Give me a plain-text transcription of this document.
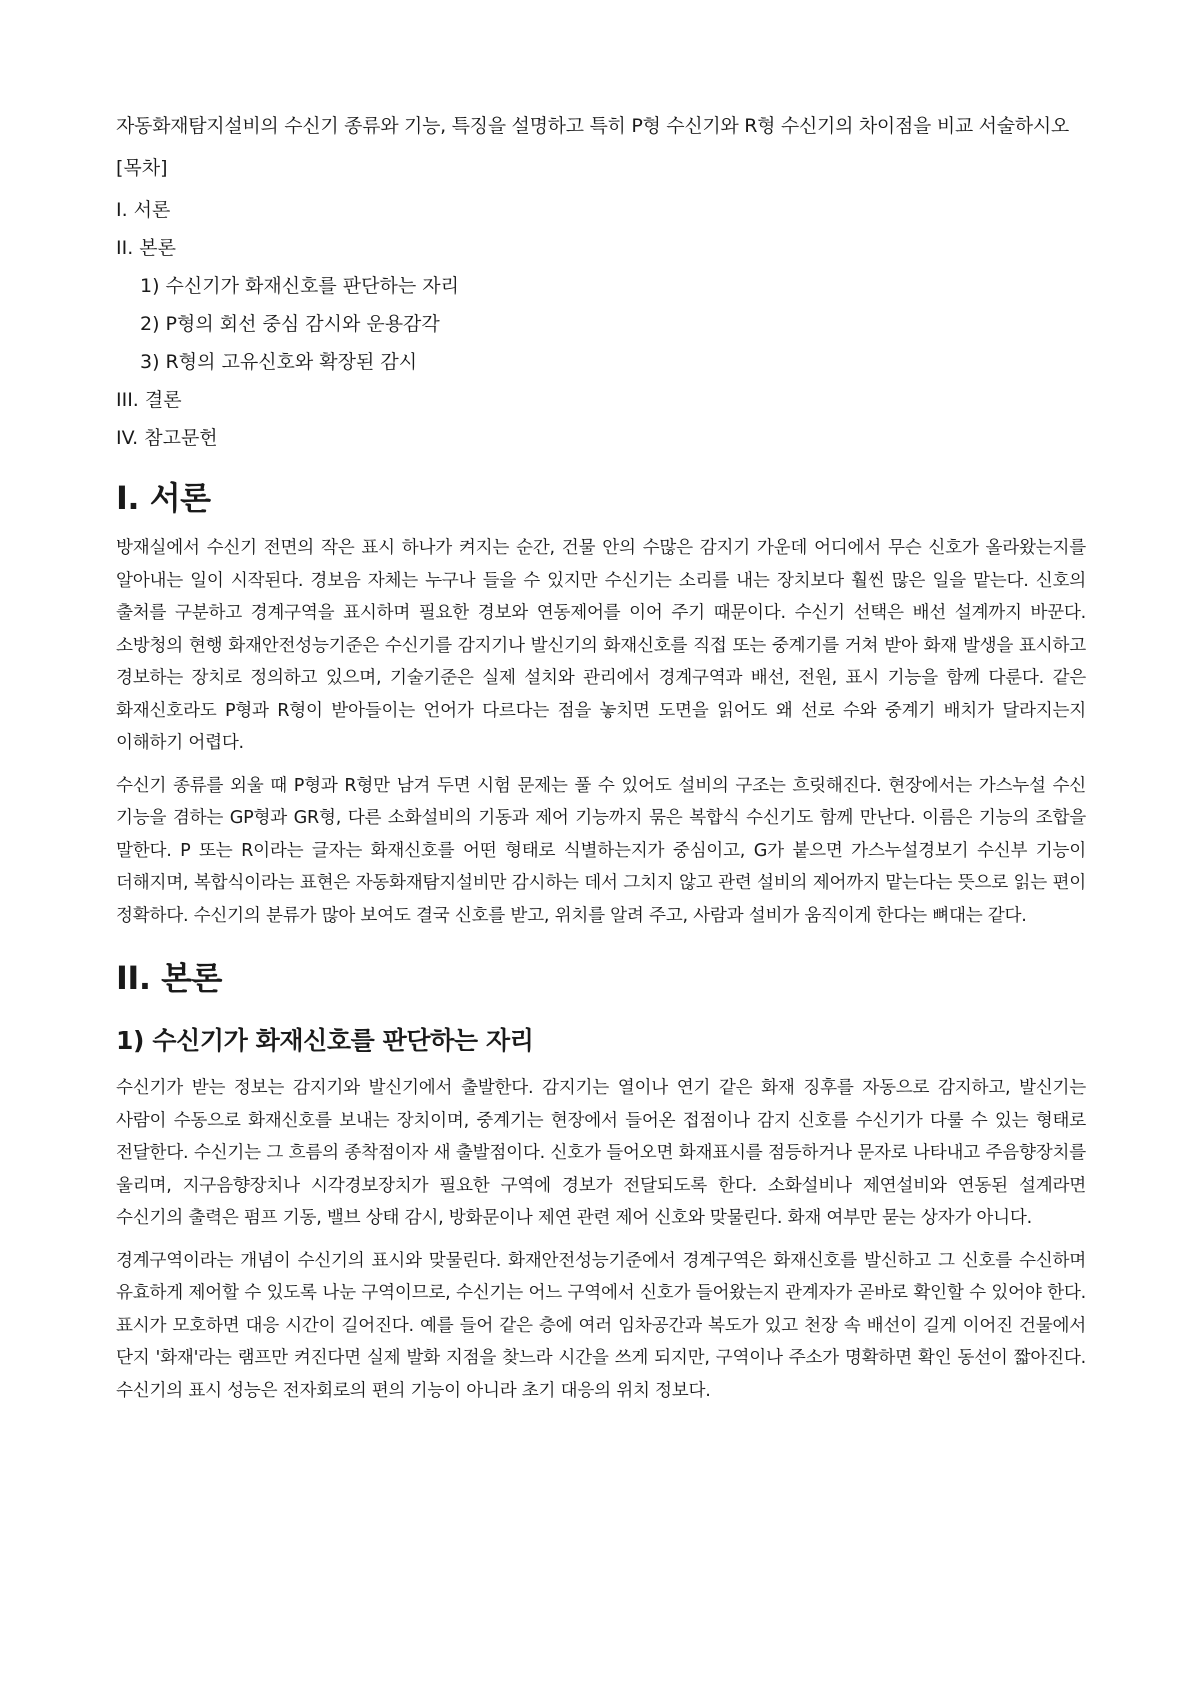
자동화재탐지설비의 수신기 종류와 기능, 특징을 설명하고 특히 P형 수신기와 R형 수신기의 차이점을 비교 서술하시오

[목차]
I. 서론
II. 본론
1) 수신기가 화재신호를 판단하는 자리
2) P형의 회선 중심 감시와 운용감각
3) R형의 고유신호와 확장된 감시
III. 결론
IV. 참고문헌
I. 서론

방재실에서 수신기 전면의 작은 표시 하나가 켜지는 순간, 건물 안의 수많은 감지기 가운데 어디에서 무슨 신호가 올라왔는지를 알아내는 일이 시작된다. 경보음 자체는 누구나 들을 수 있지만 수신기는 소리를 내는 장치보다 훨씬 많은 일을 맡는다. 신호의 출처를 구분하고 경계구역을 표시하며 필요한 경보와 연동제어를 이어 주기 때문이다. 수신기 선택은 배선 설계까지 바꾼다. 소방청의 현행 화재안전성능기준은 수신기를 감지기나 발신기의 화재신호를 직접 또는 중계기를 거쳐 받아 화재 발생을 표시하고 경보하는 장치로 정의하고 있으며, 기술기준은 실제 설치와 관리에서 경계구역과 배선, 전원, 표시 기능을 함께 다룬다. 같은 화재신호라도 P형과 R형이 받아들이는 언어가 다르다는 점을 놓치면 도면을 읽어도 왜 선로 수와 중계기 배치가 달라지는지 이해하기 어렵다.

수신기 종류를 외울 때 P형과 R형만 남겨 두면 시험 문제는 풀 수 있어도 설비의 구조는 흐릿해진다. 현장에서는 가스누설 수신 기능을 겸하는 GP형과 GR형, 다른 소화설비의 기동과 제어 기능까지 묶은 복합식 수신기도 함께 만난다. 이름은 기능의 조합을 말한다. P 또는 R이라는 글자는 화재신호를 어떤 형태로 식별하는지가 중심이고, G가 붙으면 가스누설경보기 수신부 기능이 더해지며, 복합식이라는 표현은 자동화재탐지설비만 감시하는 데서 그치지 않고 관련 설비의 제어까지 맡는다는 뜻으로 읽는 편이 정확하다. 수신기의 분류가 많아 보여도 결국 신호를 받고, 위치를 알려 주고, 사람과 설비가 움직이게 한다는 뼈대는 같다.

II. 본론
1) 수신기가 화재신호를 판단하는 자리

수신기가 받는 정보는 감지기와 발신기에서 출발한다. 감지기는 열이나 연기 같은 화재 징후를 자동으로 감지하고, 발신기는 사람이 수동으로 화재신호를 보내는 장치이며, 중계기는 현장에서 들어온 접점이나 감지 신호를 수신기가 다룰 수 있는 형태로 전달한다. 수신기는 그 흐름의 종착점이자 새 출발점이다. 신호가 들어오면 화재표시를 점등하거나 문자로 나타내고 주음향장치를 울리며, 지구음향장치나 시각경보장치가 필요한 구역에 경보가 전달되도록 한다. 소화설비나 제연설비와 연동된 설계라면 수신기의 출력은 펌프 기동, 밸브 상태 감시, 방화문이나 제연 관련 제어 신호와 맞물린다. 화재 여부만 묻는 상자가 아니다.

경계구역이라는 개념이 수신기의 표시와 맞물린다. 화재안전성능기준에서 경계구역은 화재신호를 발신하고 그 신호를 수신하며 유효하게 제어할 수 있도록 나눈 구역이므로, 수신기는 어느 구역에서 신호가 들어왔는지 관계자가 곧바로 확인할 수 있어야 한다. 표시가 모호하면 대응 시간이 길어진다. 예를 들어 같은 층에 여러 임차공간과 복도가 있고 천장 속 배선이 길게 이어진 건물에서 단지 '화재'라는 램프만 켜진다면 실제 발화 지점을 찾느라 시간을 쓰게 되지만, 구역이나 주소가 명확하면 확인 동선이 짧아진다. 수신기의 표시 성능은 전자회로의 편의 기능이 아니라 초기 대응의 위치 정보다.
